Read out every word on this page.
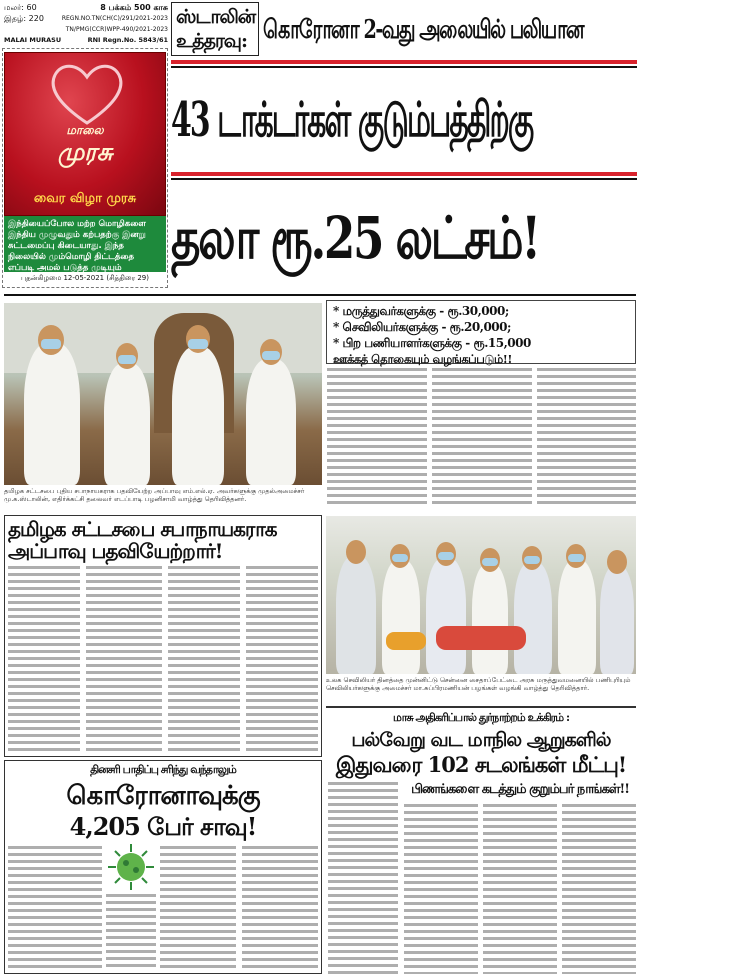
மலர்: 60	8 பக்கம் 500 காசு
இதழ்: 220	REGN.NO.TN(CH(C)/291/2021-2023
TN/PMG(CCR)WPP-490/2021-2023
MALAI MURASU	RNI Regn.No. 5843/61
மாலை
முரசு
வைர விழா முரசு
இந்தியைப்போல மற்ற மொழிகளை இந்திய முழுவதும் கற்பதற்கு இனறு சுட்டமைப்பு கிடையாது. இந்த நிலையில் மும்மொழி திட்டத்தை எப்படி அமல் படுத்த முடியும்
புதன்கிழமை 12-05-2021 (சித்திரை 29)
ஸ்டாலின்
உத்தரவு: கொரோனா 2-வது அலையில் பலியான
43 டாக்டர்கள் குடும்பத்திற்கு
தலா ரூ.25 லட்சம்!
தமிழக சட்டசபை புதிய சபாநாயகராக பதவியேற்ற அப்பாவு எம்.எல்.ஏ. அவர்களுக்கு முதல்அமைச்சர் மு.க.ஸ்டாலின், எதிர்க்கட்சி தலைவர் எடப்பாடி பழனிசாமி வாழ்த்து தெரிவித்தனர்.
* மருத்துவர்களுக்கு - ரூ.30,000;
* செவிலியர்களுக்கு - ரூ.20,000;
* பிற பணியாளர்களுக்கு - ரூ.15,000
ஊக்கத் தொகையும் வழங்கப்படும்!!
தமிழக சட்டசபை சபாநாயகராக அப்பாவு பதவியேற்றார்!
உலக செவிலியர் தினத்தை முன்னிட்டு சென்னை சைதாப்பேட்டை அரசு மருத்துவமனையில் பணிபுரியும் செவிலியர்களுக்கு அமைச்சர் மா.சுப்பிரமணியன் பழங்கள் வழங்கி வாழ்த்து தெரிவித்தார்.
மாசு அதிகரிப்பால் துர்நாற்றம் உக்கிரம் :
பல்வேறு வட மாநில ஆறுகளில்
இதுவரை 102 சடலங்கள் மீட்பு!
பிணங்களை கடத்தும் குறும்பர் நாங்கள்!!
தினசரி பாதிப்பு சரிந்து வந்தாலும்
கொரோனாவுக்கு
4,205 பேர் சாவு!
